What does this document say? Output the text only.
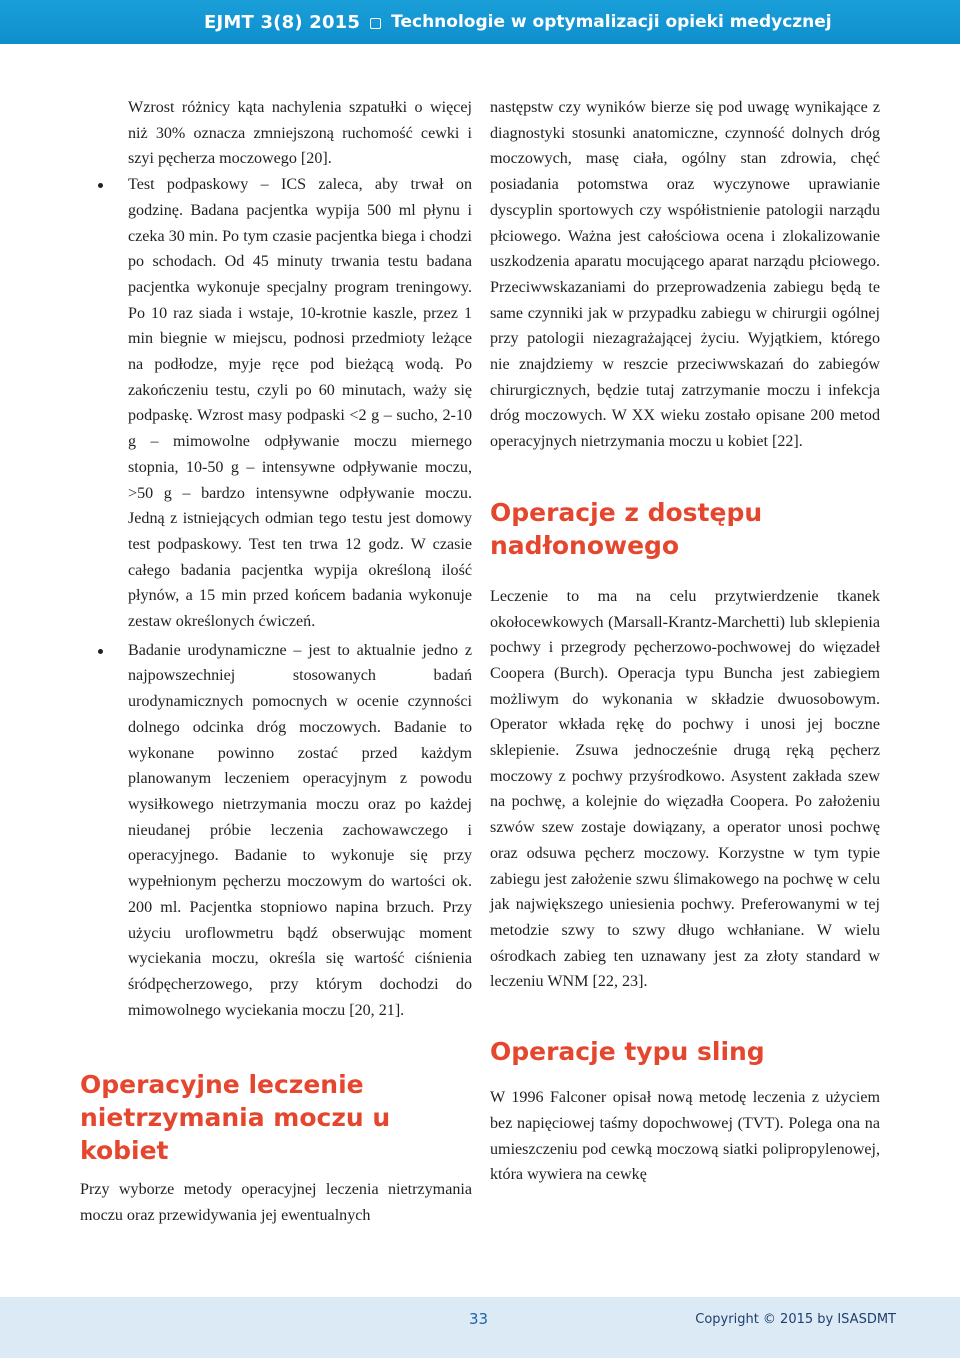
EJMT 3(8) 2015 Technologie w optymalizacji opieki medycznej

Wzrost różnicy kąta nachylenia szpatułki o więcej niż 30% oznacza zmniejszoną ruchomość cewki i szyi pęcherza moczowego [20].

Test podpaskowy – ICS zaleca, aby trwał on godzinę. Badana pacjentka wypija 500 ml płynu i czeka 30 min. Po tym czasie pacjentka biega i chodzi po schodach. Od 45 minuty trwania testu badana pacjentka wykonuje specjalny program treningowy. Po 10 raz siada i wstaje, 10-krotnie kaszle, przez 1 min biegnie w miejscu, podnosi przedmioty leżące na podłodze, myje ręce pod bieżącą wodą. Po zakończeniu testu, czyli po 60 minutach, waży się podpaskę. Wzrost masy podpaski <2 g – sucho, 2-10 g – mimowolne odpływanie moczu miernego stopnia, 10-50 g – intensywne odpływanie moczu, >50 g – bardzo intensywne odpływanie moczu. Jedną z istniejących odmian tego testu jest domowy test podpaskowy. Test ten trwa 12 godz. W czasie całego badania pacjentka wypija określoną ilość płynów, a 15 min przed końcem badania wykonuje zestaw określonych ćwiczeń.
Badanie urodynamiczne – jest to aktualnie jedno z najpowszechniej stosowanych badań urodynamicznych pomocnych w ocenie czynności dolnego odcinka dróg moczowych. Badanie to wykonane powinno zostać przed każdym planowanym leczeniem operacyjnym z powodu wysiłkowego nietrzymania moczu oraz po każdej nieudanej próbie leczenia zachowawczego i operacyjnego. Badanie to wykonuje się przy wypełnionym pęcherzu moczowym do wartości ok. 200 ml. Pacjentka stopniowo napina brzuch. Przy użyciu uroflowmetru bądź obserwując moment wyciekania moczu, określa się wartość ciśnienia śródpęcherzowego, przy którym dochodzi do mimowolnego wyciekania moczu [20, 21].
Operacyjne leczenie nietrzymania moczu u kobiet

Przy wyborze metody operacyjnej leczenia nietrzymania moczu oraz przewidywania jej ewentualnych

następstw czy wyników bierze się pod uwagę wynikające z diagnostyki stosunki anatomiczne, czynność dolnych dróg moczowych, masę ciała, ogólny stan zdrowia, chęć posiadania potomstwa oraz wyczynowe uprawianie dyscyplin sportowych czy współistnienie patologii narządu płciowego. Ważna jest całościowa ocena i zlokalizowanie uszkodzenia aparatu mocującego aparat narządu płciowego. Przeciwwskazaniami do przeprowadzenia zabiegu będą te same czynniki jak w przypadku zabiegu w chirurgii ogólnej przy patologii niezagrażającej życiu. Wyjątkiem, którego nie znajdziemy w reszcie przeciwwskazań do zabiegów chirurgicznych, będzie tutaj zatrzymanie moczu i infekcja dróg moczowych. W XX wieku zostało opisane 200 metod operacyjnych nietrzymania moczu u kobiet [22].

Operacje z dostępu nadłonowego

Leczenie to ma na celu przytwierdzenie tkanek okołocewkowych (Marsall-Krantz-Marchetti) lub sklepienia pochwy i przegrody pęcherzowo-pochwowej do więzadeł Coopera (Burch). Operacja typu Buncha jest zabiegiem możliwym do wykonania w składzie dwuosobowym. Operator wkłada rękę do pochwy i unosi jej boczne sklepienie. Zsuwa jednocześnie drugą ręką pęcherz moczowy z pochwy przyśrodkowo. Asystent zakłada szew na pochwę, a kolejnie do więzadła Coopera. Po założeniu szwów szew zostaje dowiązany, a operator unosi pochwę oraz odsuwa pęcherz moczowy. Korzystne w tym typie zabiegu jest założenie szwu ślimakowego na pochwę w celu jak największego uniesienia pochwy. Preferowanymi w tej metodzie szwy to szwy długo wchłaniane. W wielu ośrodkach zabieg ten uznawany jest za złoty standard w leczeniu WNM [22, 23].

Operacje typu sling

W 1996 Falconer opisał nową metodę leczenia z użyciem bez napięciowej taśmy dopochwowej (TVT). Polega ona na umieszczeniu pod cewką moczową siatki polipropylenowej, która wywiera na cewkę

33	Copyright © 2015 by ISASDMT
